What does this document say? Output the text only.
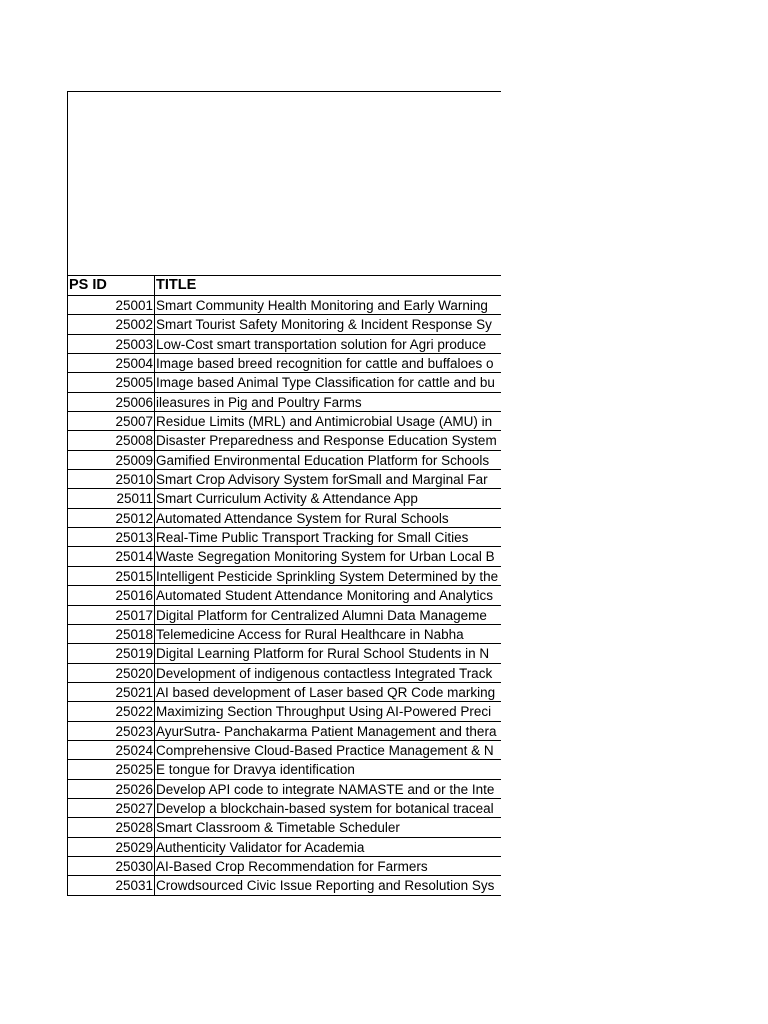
PS ID	TITLE
25001 Smart Community Health Monitoring and Early Warning
25002 Smart Tourist Safety Monitoring & Incident Response Sy
25003 Low-Cost smart transportation solution for Agri produce
25004 Image based breed recognition for cattle and buffaloes o
25005 Image based Animal Type Classification for cattle and bu
25006 ileasures in Pig and Poultry Farms
25007 Residue Limits (MRL) and Antimicrobial Usage (AMU) in
25008 Disaster Preparedness and Response Education System
25009 Gamified Environmental Education Platform for Schools
25010 Smart Crop Advisory System forSmall and Marginal Far
25011 Smart Curriculum Activity & Attendance App
25012 Automated Attendance System for Rural Schools
25013 Real-Time Public Transport Tracking for Small Cities
25014 Waste Segregation Monitoring System for Urban Local B
25015 Intelligent Pesticide Sprinkling System Determined by the
25016 Automated Student Attendance Monitoring and Analytics
25017 Digital Platform for Centralized Alumni Data Manageme
25018 Telemedicine Access for Rural Healthcare in Nabha
25019 Digital Learning Platform for Rural School Students in N
25020 Development of indigenous contactless Integrated Track
25021 AI based development of Laser based QR Code marking
25022 Maximizing Section Throughput Using AI-Powered Preci
25023 AyurSutra- Panchakarma Patient Management and thera
25024 Comprehensive Cloud-Based Practice Management & N
25025 E tongue for Dravya identification
25026 Develop API code to integrate NAMASTE and or the Inte
25027 Develop a blockchain-based system for botanical traceal
25028 Smart Classroom & Timetable Scheduler
25029 Authenticity Validator for Academia
25030 AI-Based Crop Recommendation for Farmers
25031 Crowdsourced Civic Issue Reporting and Resolution Sys
